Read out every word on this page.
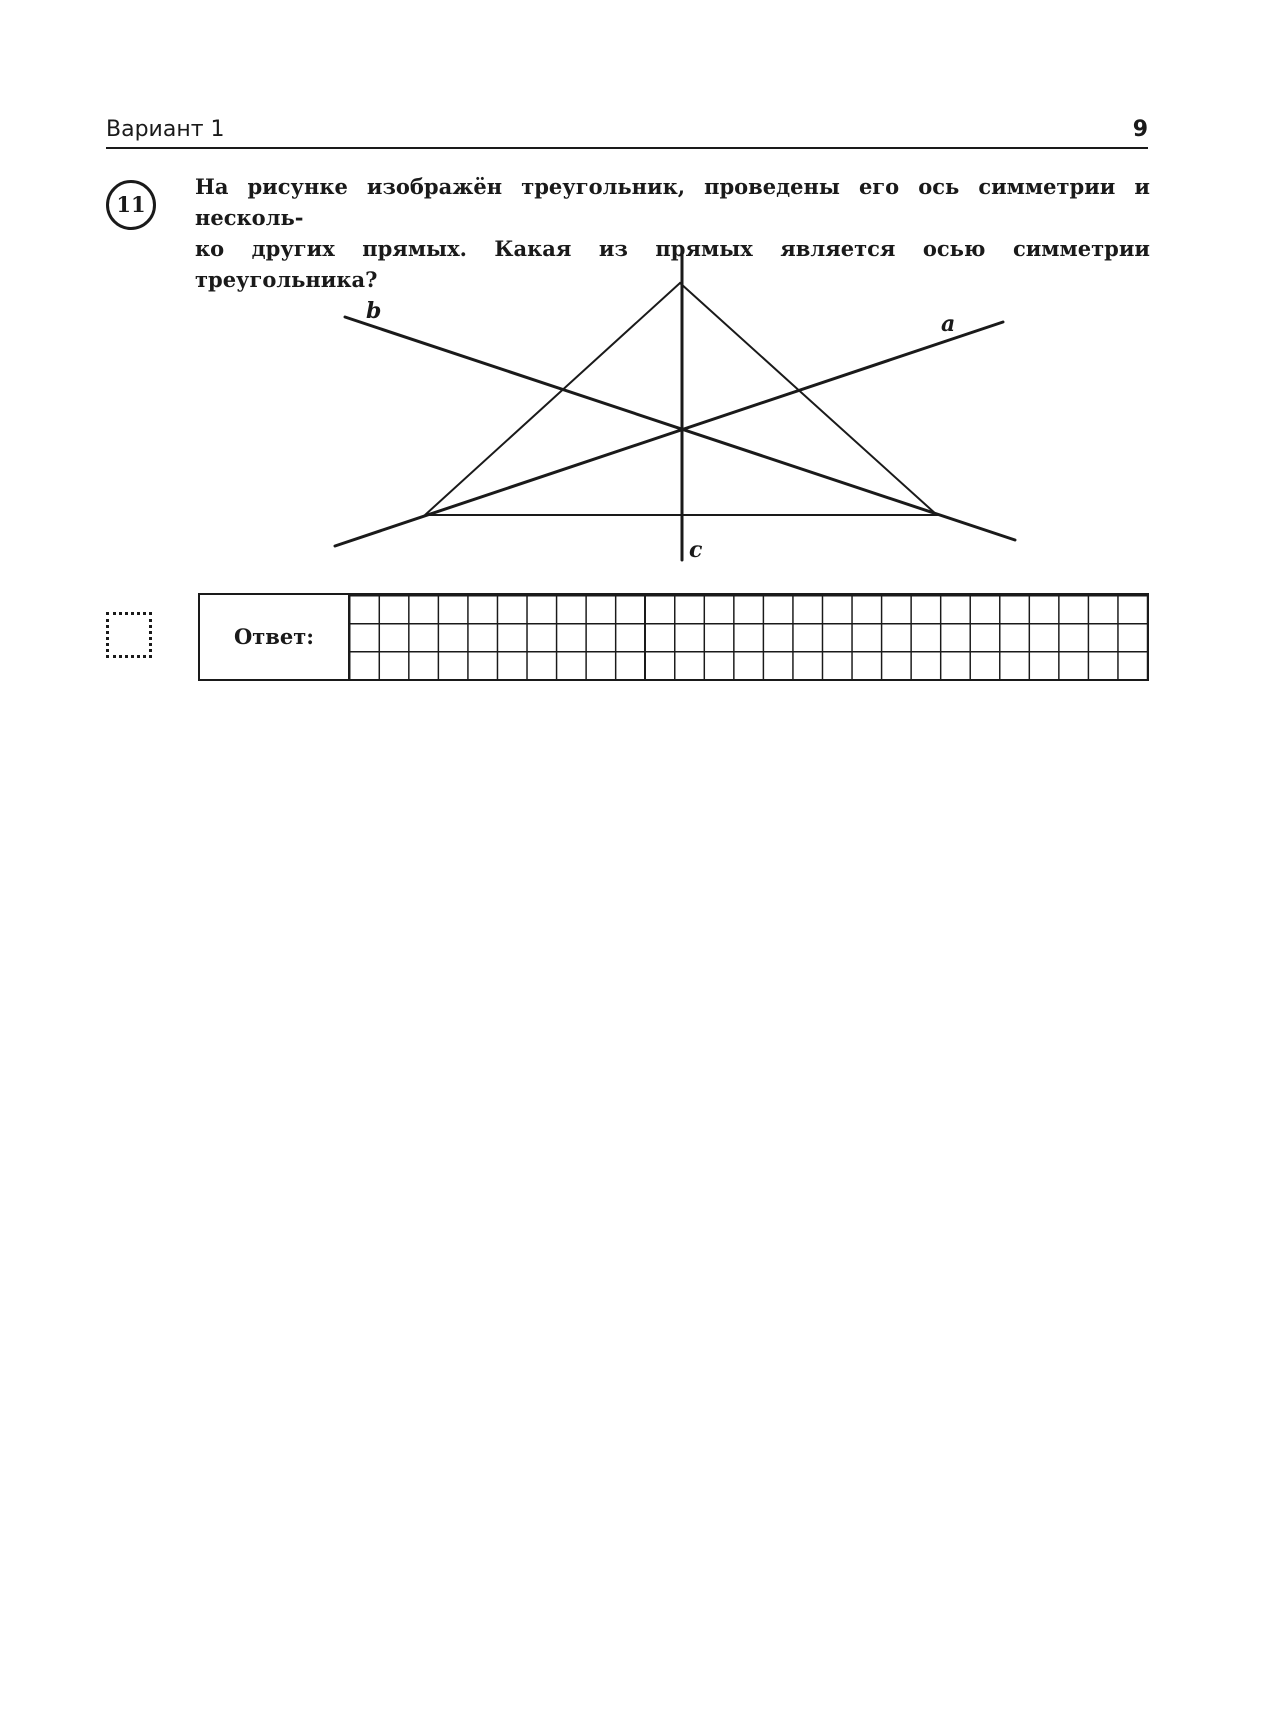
Вариант 1	9
11
На рисунке изображён треугольник, проведены его ось симметрии и несколь-
ко других прямых. Какая из прямых является осью симметрии треугольника?
b	a
c
Ответ:
